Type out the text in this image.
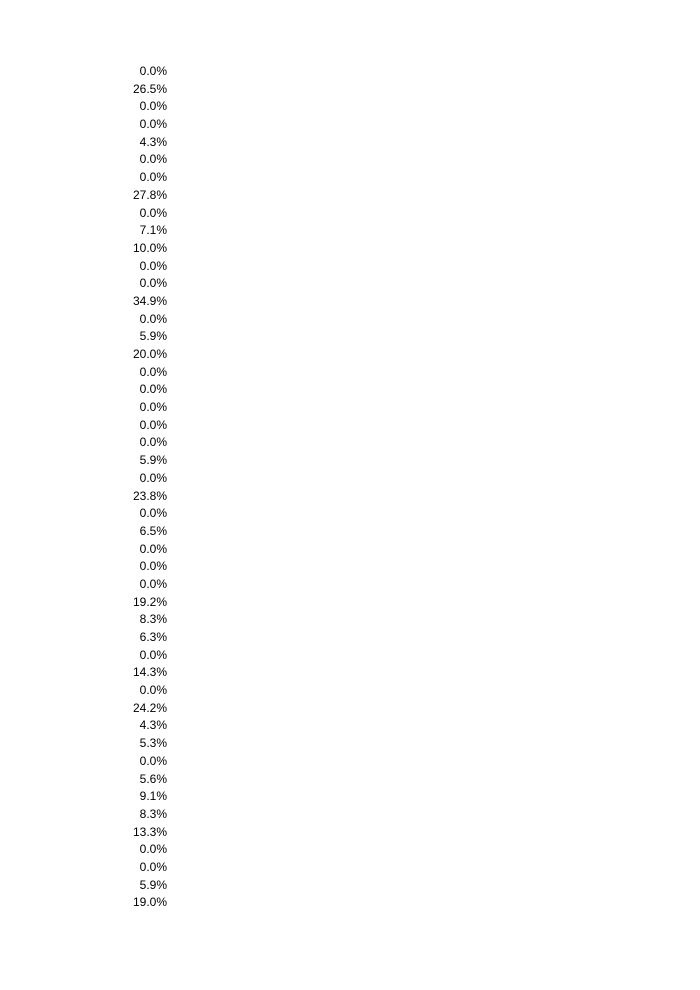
0.0%
26.5%
0.0%
0.0%
4.3%
0.0%
0.0%
27.8%
0.0%
7.1%
10.0%
0.0%
0.0%
34.9%
0.0%
5.9%
20.0%
0.0%
0.0%
0.0%
0.0%
0.0%
5.9%
0.0%
23.8%
0.0%
6.5%
0.0%
0.0%
0.0%
19.2%
8.3%
6.3%
0.0%
14.3%
0.0%
24.2%
4.3%
5.3%
0.0%
5.6%
9.1%
8.3%
13.3%
0.0%
0.0%
5.9%
19.0%
